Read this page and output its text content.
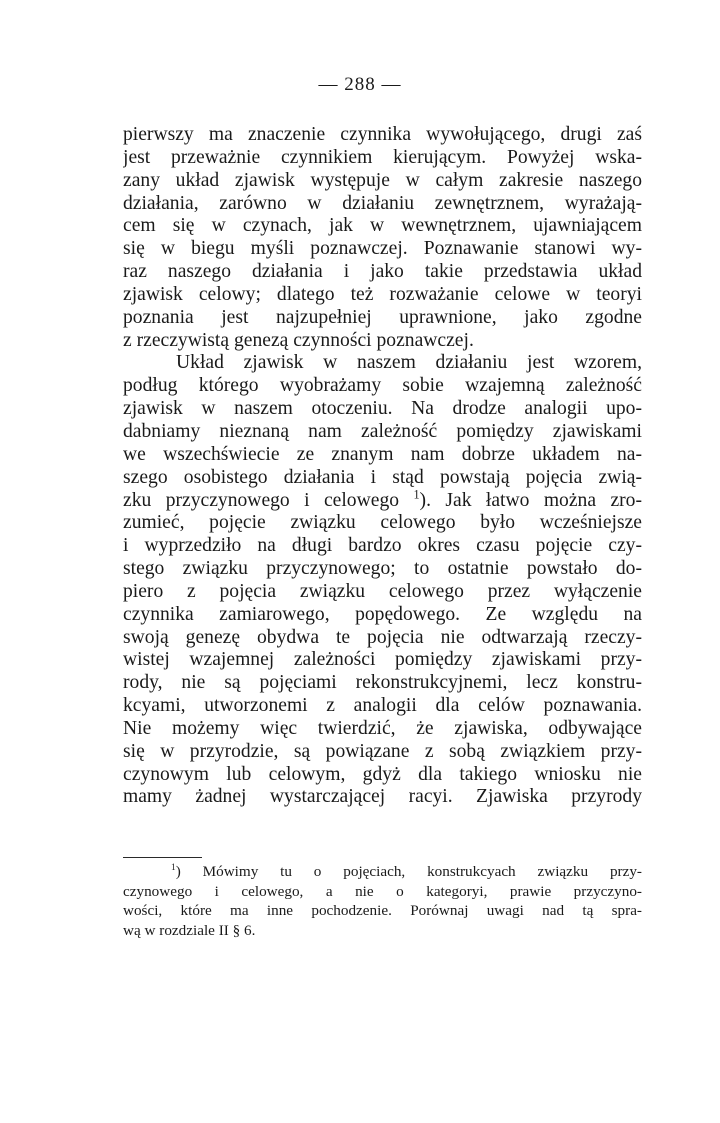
— 288 —
pierwszy ma znaczenie czynnika wywołującego, drugi zaś
jest przeważnie czynnikiem kierującym. Powyżej wska-
zany układ zjawisk występuje w całym zakresie naszego
działania, zarówno w działaniu zewnętrznem, wyrażają-
cem się w czynach, jak w wewnętrznem, ujawniającem
się w biegu myśli poznawczej. Poznawanie stanowi wy-
raz naszego działania i jako takie przedstawia układ
zjawisk celowy; dlatego też rozważanie celowe w teoryi
poznania jest najzupełniej uprawnione, jako zgodne
z rzeczywistą genezą czynności poznawczej.
Układ zjawisk w naszem działaniu jest wzorem,
podług którego wyobrażamy sobie wzajemną zależność
zjawisk w naszem otoczeniu. Na drodze analogii upo-
dabniamy nieznaną nam zależność pomiędzy zjawiskami
we wszechświecie ze znanym nam dobrze układem na-
szego osobistego działania i stąd powstają pojęcia zwią-
zku przyczynowego i celowego $^1$). Jak łatwo można zro-
zumieć, pojęcie związku celowego było wcześniejsze
i wyprzedziło na długi bardzo okres czasu pojęcie czy-
stego związku przyczynowego; to ostatnie powstało do-
piero z pojęcia związku celowego przez wyłączenie
czynnika zamiarowego, popędowego. Ze względu na
swoją genezę obydwa te pojęcia nie odtwarzają rzeczy-
wistej wzajemnej zależności pomiędzy zjawiskami przy-
rody, nie są pojęciami rekonstrukcyjnemi, lecz konstru-
kcyami, utworzonemi z analogii dla celów poznawania.
Nie możemy więc twierdzić, że zjawiska, odbywające
się w przyrodzie, są powiązane z sobą związkiem przy-
czynowym lub celowym, gdyż dla takiego wniosku nie
mamy żadnej wystarczającej racyi. Zjawiska przyrody
$^1$) Mówimy tu o pojęciach, konstrukcyach związku przy-
czynowego i celowego, a nie o kategoryi, prawie przyczyno-
wości, które ma inne pochodzenie. Porównaj uwagi nad tą spra-
wą w rozdziale II § 6.
